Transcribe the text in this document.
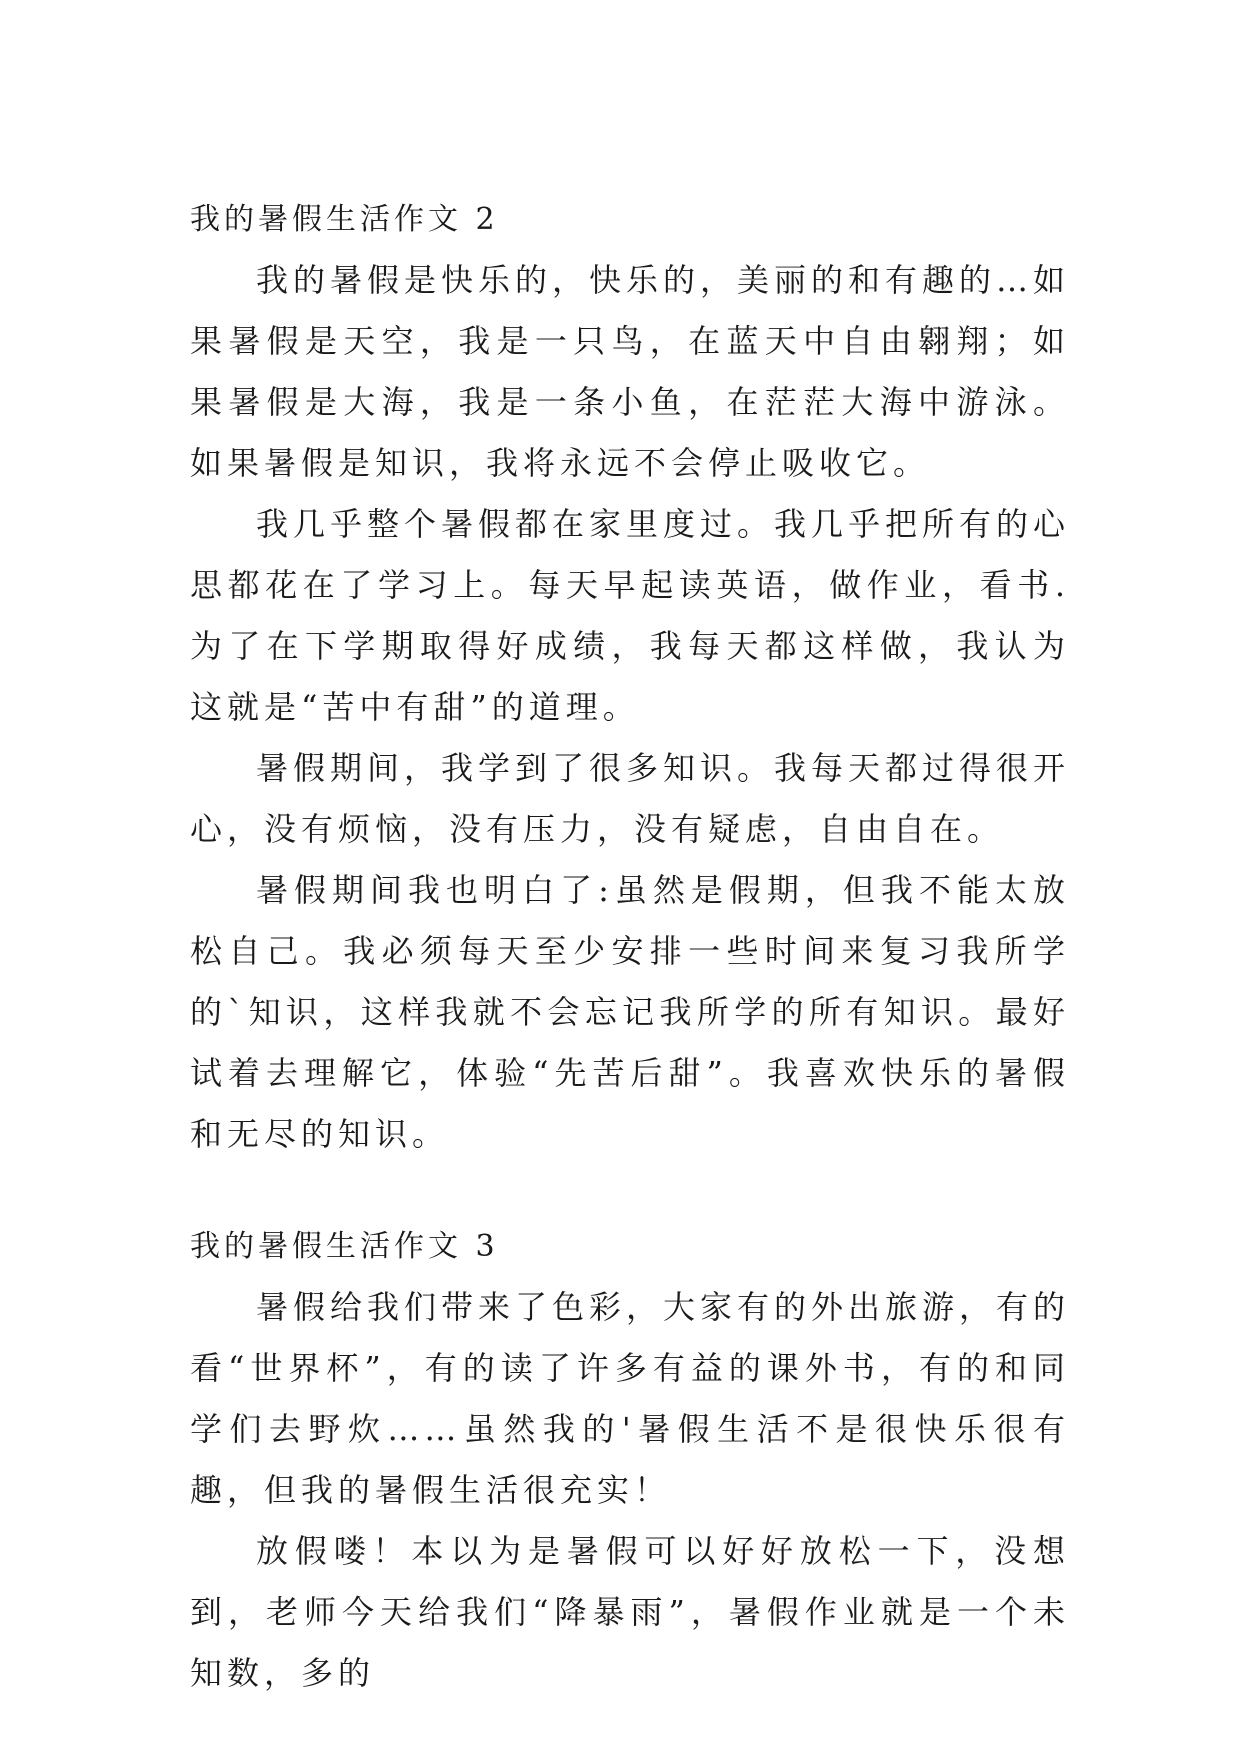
我的暑假生活作文 2

我的暑假是快乐的，快乐的，美丽的和有趣的…如果暑假是天空，我是一只鸟，在蓝天中自由翱翔；如果暑假是大海，我是一条小鱼，在茫茫大海中游泳。如果暑假是知识，我将永远不会停止吸收它。

我几乎整个暑假都在家里度过。我几乎把所有的心思都花在了学习上。每天早起读英语，做作业，看书.为了在下学期取得好成绩，我每天都这样做，我认为这就是“苦中有甜”的道理。

暑假期间，我学到了很多知识。我每天都过得很开心，没有烦恼，没有压力，没有疑虑，自由自在。

暑假期间我也明白了:虽然是假期，但我不能太放松自己。我必须每天至少安排一些时间来复习我所学的`知识，这样我就不会忘记我所学的所有知识。最好试着去理解它，体验“先苦后甜”。我喜欢快乐的暑假和无尽的知识。

我的暑假生活作文 3

暑假给我们带来了色彩，大家有的外出旅游，有的看“世界杯”，有的读了许多有益的课外书，有的和同学们去野炊……虽然我的'暑假生活不是很快乐很有趣，但我的暑假生活很充实！

放假喽！本以为是暑假可以好好放松一下，没想到，老师今天给我们“降暴雨”，暑假作业就是一个未知数，多的
